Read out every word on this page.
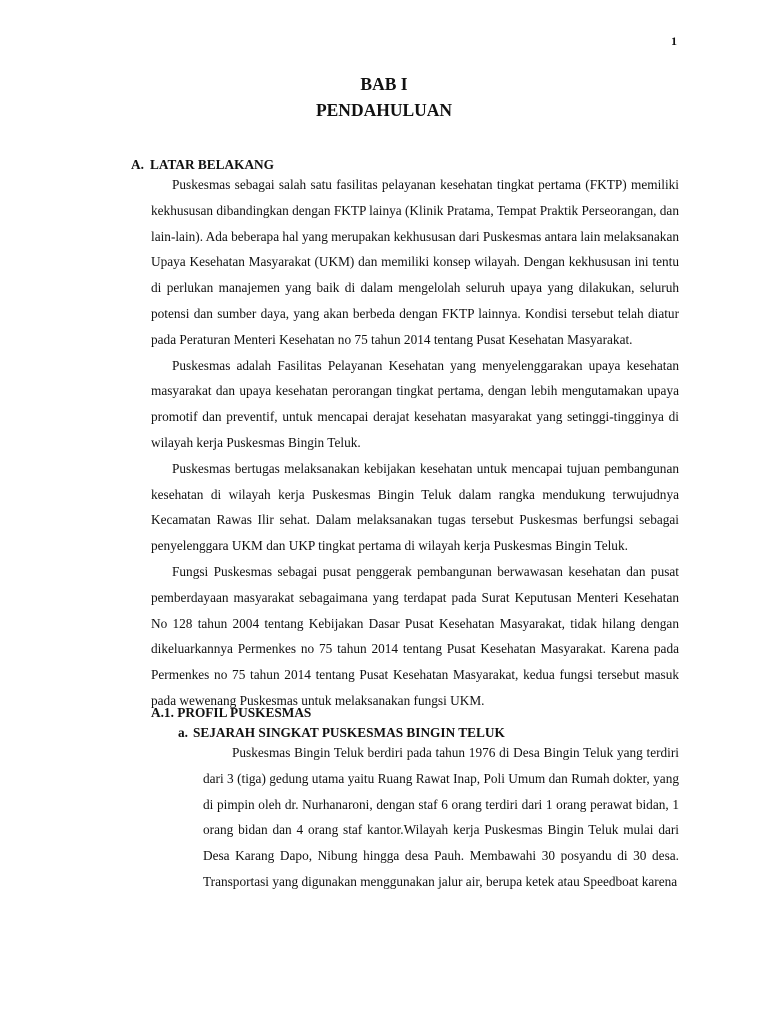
1
BAB I
PENDAHULUAN
A. LATAR BELAKANG

Puskesmas sebagai salah satu fasilitas pelayanan kesehatan tingkat pertama (FKTP) memiliki kekhususan dibandingkan dengan FKTP lainya (Klinik Pratama, Tempat Praktik Perseorangan, dan lain-lain). Ada beberapa hal yang merupakan kekhususan dari Puskesmas antara lain melaksanakan Upaya Kesehatan Masyarakat (UKM) dan memiliki konsep wilayah. Dengan kekhususan ini tentu di perlukan manajemen yang baik di dalam mengelolah seluruh upaya yang dilakukan, seluruh potensi dan sumber daya, yang akan berbeda dengan FKTP lainnya. Kondisi tersebut telah diatur pada Peraturan Menteri Kesehatan no 75 tahun 2014 tentang Pusat Kesehatan Masyarakat.

Puskesmas adalah Fasilitas Pelayanan Kesehatan yang menyelenggarakan upaya kesehatan masyarakat dan upaya kesehatan perorangan tingkat pertama, dengan lebih mengutamakan upaya promotif dan preventif, untuk mencapai derajat kesehatan masyarakat yang setinggi-tingginya di wilayah kerja Puskesmas Bingin Teluk.

Puskesmas bertugas melaksanakan kebijakan kesehatan untuk mencapai tujuan pembangunan kesehatan di wilayah kerja Puskesmas Bingin Teluk dalam rangka mendukung terwujudnya Kecamatan Rawas Ilir sehat. Dalam melaksanakan tugas tersebut Puskesmas berfungsi sebagai penyelenggara UKM dan UKP tingkat pertama di wilayah kerja Puskesmas Bingin Teluk.

Fungsi Puskesmas sebagai pusat penggerak pembangunan berwawasan kesehatan dan pusat pemberdayaan masyarakat sebagaimana yang terdapat pada Surat Keputusan Menteri Kesehatan No 128 tahun 2004 tentang Kebijakan Dasar Pusat Kesehatan Masyarakat, tidak hilang dengan dikeluarkannya Permenkes no 75 tahun 2014 tentang Pusat Kesehatan Masyarakat. Karena pada Permenkes no 75 tahun 2014 tentang Pusat Kesehatan Masyarakat, kedua fungsi tersebut masuk pada wewenang Puskesmas untuk melaksanakan fungsi UKM.

A.1. PROFIL PUSKESMAS
a. SEJARAH SINGKAT PUSKESMAS BINGIN TELUK

Puskesmas Bingin Teluk berdiri pada tahun 1976 di Desa Bingin Teluk yang terdiri dari 3 (tiga) gedung utama yaitu Ruang Rawat Inap, Poli Umum dan Rumah dokter, yang di pimpin oleh dr. Nurhanaroni, dengan staf 6 orang terdiri dari 1 orang perawat bidan, 1 orang bidan dan 4 orang staf kantor.Wilayah kerja Puskesmas Bingin Teluk mulai dari Desa Karang Dapo, Nibung hingga desa Pauh. Membawahi 30 posyandu di 30 desa. Transportasi yang digunakan menggunakan jalur air, berupa ketek atau Speedboat karena
